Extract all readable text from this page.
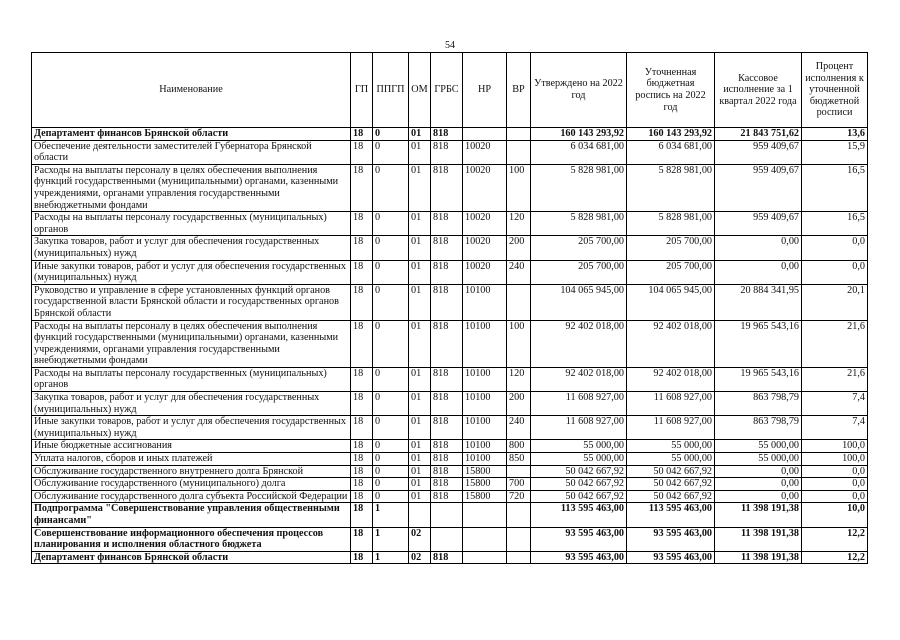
54
Наименование	ГП	ППГП	ОМ	ГРБС	НР	ВР	Утверждено на 2022 год	Уточненная бюджетная роспись на 2022 год	Кассовое исполнение за 1 квартал 2022 года	Процент исполнения к уточненной бюджетной росписи
Департамент финансов Брянской области	18	0	01	818			160 143 293,92	160 143 293,92	21 843 751,62	13,6
Обеспечение деятельности заместителей Губернатора Брянской области	18	0	01	818	10020		6 034 681,00	6 034 681,00	959 409,67	15,9
Расходы на выплаты персоналу в целях обеспечения выполнения функций государственными (муниципальными) органами, казенными учреждениями, органами управления государственными внебюджетными фондами	18	0	01	818	10020	100	5 828 981,00	5 828 981,00	959 409,67	16,5
Расходы на выплаты персоналу государственных (муниципальных) органов	18	0	01	818	10020	120	5 828 981,00	5 828 981,00	959 409,67	16,5
Закупка товаров, работ и услуг для обеспечения государственных (муниципальных) нужд	18	0	01	818	10020	200	205 700,00	205 700,00	0,00	0,0
Иные закупки товаров, работ и услуг для обеспечения государственных (муниципальных) нужд	18	0	01	818	10020	240	205 700,00	205 700,00	0,00	0,0
Руководство и управление в сфере установленных функций органов государственной власти Брянской области и государственных органов Брянской области	18	0	01	818	10100		104 065 945,00	104 065 945,00	20 884 341,95	20,1
Расходы на выплаты персоналу в целях обеспечения выполнения функций государственными (муниципальными) органами, казенными учреждениями, органами управления государственными внебюджетными фондами	18	0	01	818	10100	100	92 402 018,00	92 402 018,00	19 965 543,16	21,6
Расходы на выплаты персоналу государственных (муниципальных) органов	18	0	01	818	10100	120	92 402 018,00	92 402 018,00	19 965 543,16	21,6
Закупка товаров, работ и услуг для обеспечения государственных (муниципальных) нужд	18	0	01	818	10100	200	11 608 927,00	11 608 927,00	863 798,79	7,4
Иные закупки товаров, работ и услуг для обеспечения государственных (муниципальных) нужд	18	0	01	818	10100	240	11 608 927,00	11 608 927,00	863 798,79	7,4
Иные бюджетные ассигнования	18	0	01	818	10100	800	55 000,00	55 000,00	55 000,00	100,0
Уплата налогов, сборов и иных платежей	18	0	01	818	10100	850	55 000,00	55 000,00	55 000,00	100,0
Обслуживание государственного внутреннего долга Брянской	18	0	01	818	15800		50 042 667,92	50 042 667,92	0,00	0,0
Обслуживание государственного (муниципального) долга	18	0	01	818	15800	700	50 042 667,92	50 042 667,92	0,00	0,0
Обслуживание государственного долга субъекта Российской Федерации	18	0	01	818	15800	720	50 042 667,92	50 042 667,92	0,00	0,0
Подпрограмма "Совершенствование управления общественными финансами"	18	1					113 595 463,00	113 595 463,00	11 398 191,38	10,0
Совершенствование информационного обеспечения процессов планирования и исполнения областного бюджета	18	1	02				93 595 463,00	93 595 463,00	11 398 191,38	12,2
Департамент финансов Брянской области	18	1	02	818			93 595 463,00	93 595 463,00	11 398 191,38	12,2
